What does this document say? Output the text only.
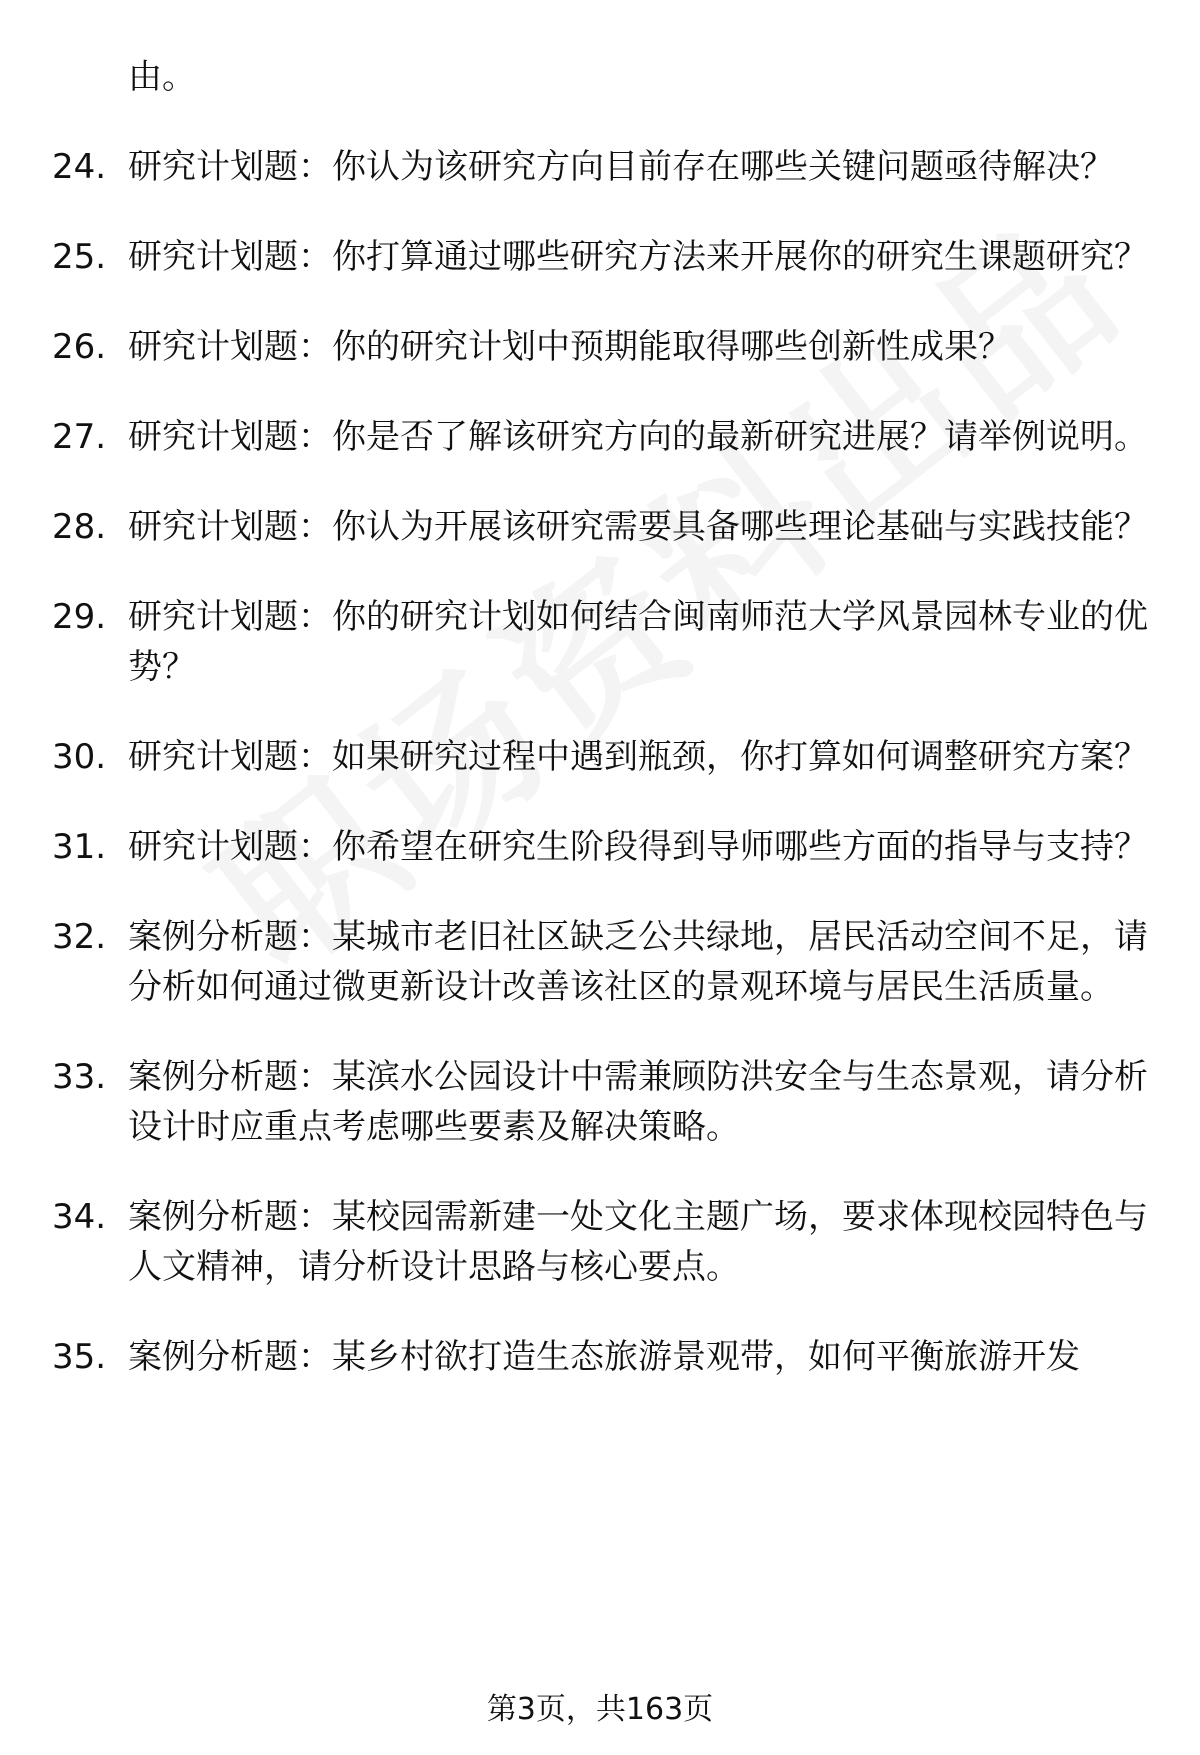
由。
24. 研究计划题：你认为该研究方向目前存在哪些关键问题亟待解决？
25. 研究计划题：你打算通过哪些研究方法来开展你的研究生课题研究？
26. 研究计划题：你的研究计划中预期能取得哪些创新性成果？
27. 研究计划题：你是否了解该研究方向的最新研究进展？请举例说明。
28. 研究计划题：你认为开展该研究需要具备哪些理论基础与实践技能？
29. 研究计划题：你的研究计划如何结合闽南师范大学风景园林专业的优势？
30. 研究计划题：如果研究过程中遇到瓶颈，你打算如何调整研究方案？
31. 研究计划题：你希望在研究生阶段得到导师哪些方面的指导与支持？
32. 案例分析题：某城市老旧社区缺乏公共绿地，居民活动空间不足，请分析如何通过微更新设计改善该社区的景观环境与居民生活质量。
33. 案例分析题：某滨水公园设计中需兼顾防洪安全与生态景观，请分析设计时应重点考虑哪些要素及解决策略。
34. 案例分析题：某校园需新建一处文化主题广场，要求体现校园特色与人文精神，请分析设计思路与核心要点。
35. 案例分析题：某乡村欲打造生态旅游景观带，如何平衡旅游开发
第3页，共163页
